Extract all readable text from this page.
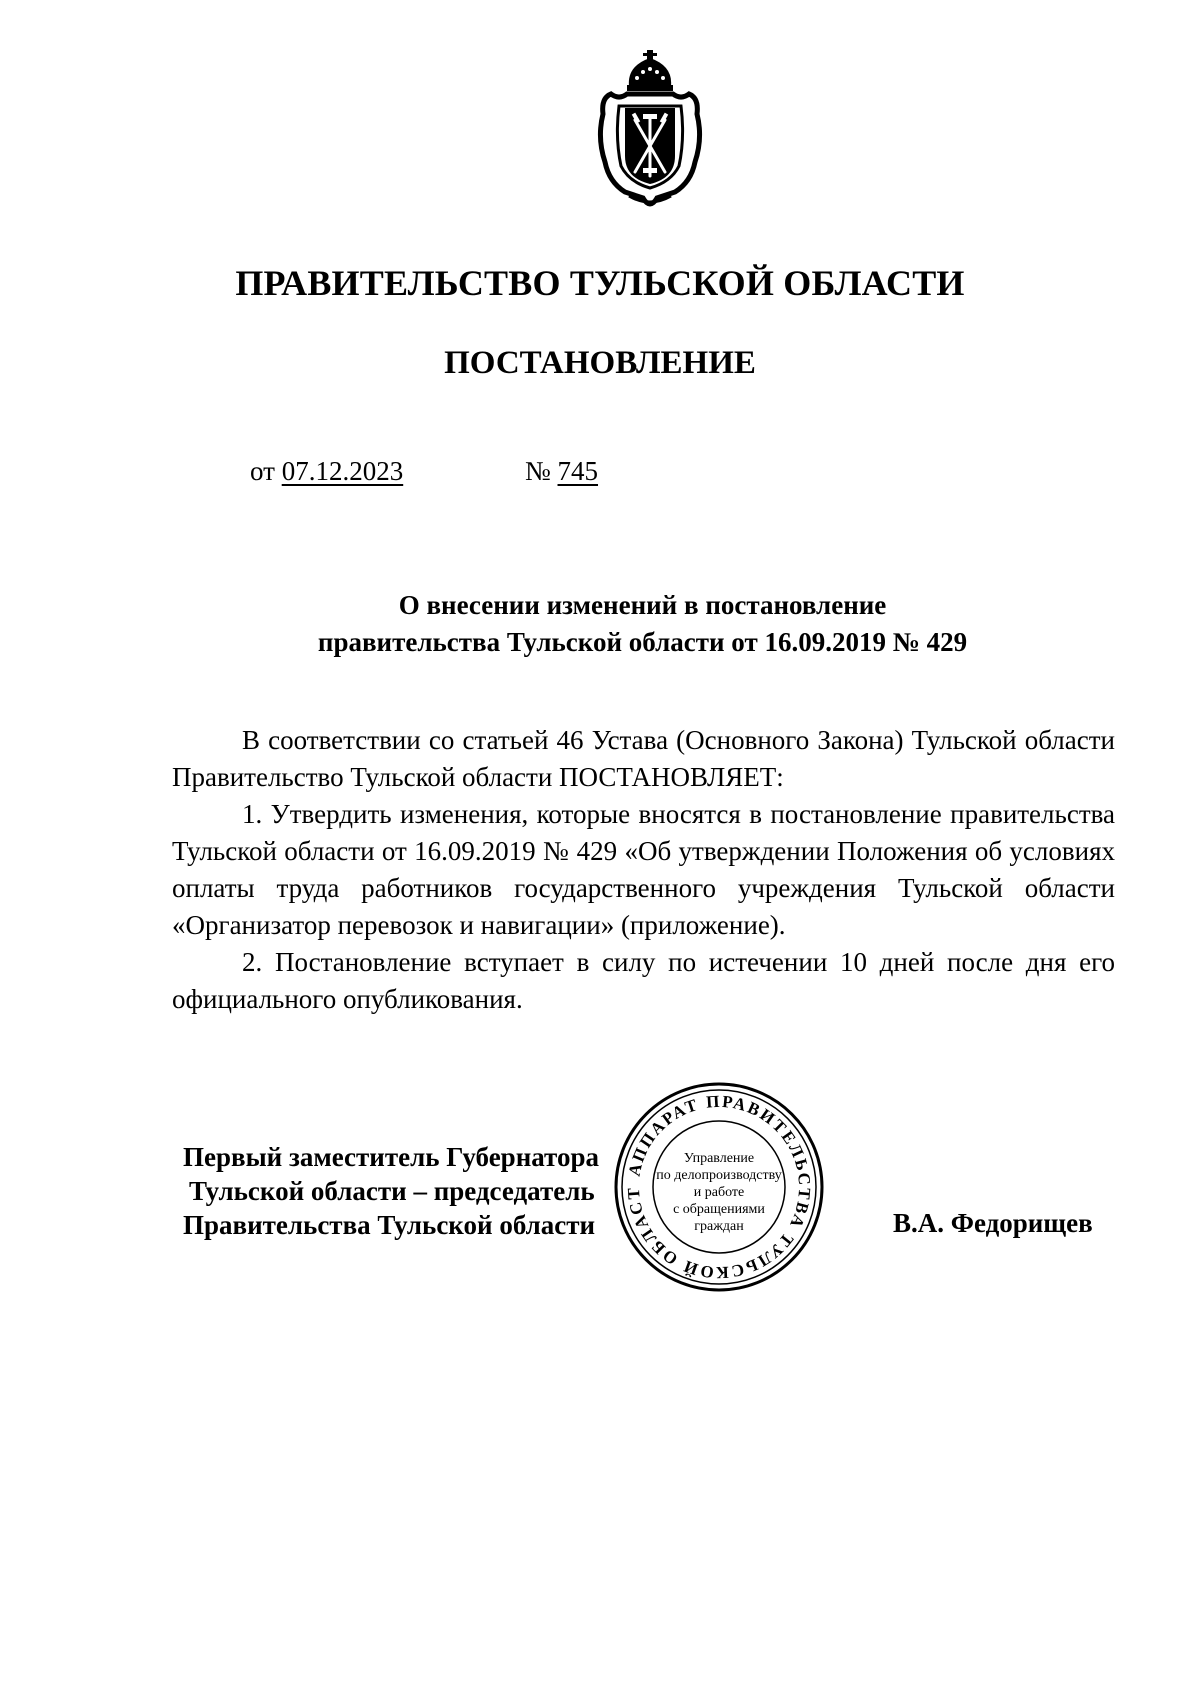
ПРАВИТЕЛЬСТВО ТУЛЬСКОЙ ОБЛАСТИ
ПОСТАНОВЛЕНИЕ
от 07.12.2023	№ 745
О внесении изменений в постановление
правительства Тульской области от 16.09.2019 № 429

В соответствии со статьей 46 Устава (Основного Закона) Тульской области Правительство Тульской области ПОСТАНОВЛЯЕТ:

1. Утвердить изменения, которые вносятся в постановление правительства Тульской области от 16.09.2019 № 429 «Об утверждении Положения об условиях оплаты труда работников государственного учреждения Тульской области «Организатор перевозок и навигации» (приложение).

2. Постановление вступает в силу по истечении 10 дней после дня его официального опубликования.

Первый заместитель Губернатора
Тульской области – председатель
Правительства Тульской области
АППАРАТ ПРАВИТЕЛЬСТВА ТУЛЬСКОЙ ОБЛАСТ
Управление
по делопроизводству
и работе
с обращениями
граждан	В.А. Федорищев
